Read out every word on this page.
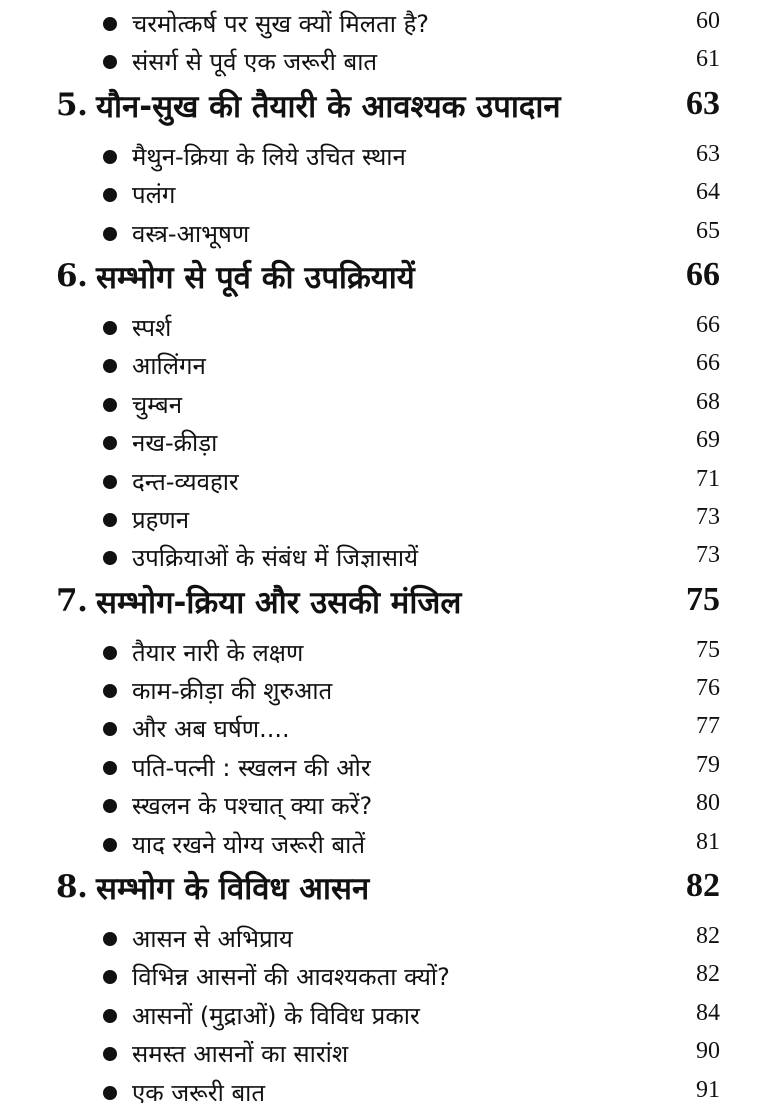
चरमोत्कर्ष पर सुख क्यों मिलता है?	60
संसर्ग से पूर्व एक जरूरी बात	61
5. यौन-सुख की तैयारी के आवश्यक उपादान	63
मैथुन-क्रिया के लिये उचित स्थान	63
पलंग	64
वस्त्र-आभूषण	65
6. सम्भोग से पूर्व की उपक्रियायें	66
स्पर्श	66
आलिंगन	66
चुम्बन	68
नख-क्रीड़ा	69
दन्त-व्यवहार	71
प्रहणन	73
उपक्रियाओं के संबंध में जिज्ञासायें	73
7. सम्भोग-क्रिया और उसकी मंजिल	75
तैयार नारी के लक्षण	75
काम-क्रीड़ा की शुरुआत	76
और अब घर्षण....	77
पति-पत्नी : स्खलन की ओर	79
स्खलन के पश्चात् क्या करें?	80
याद रखने योग्य जरूरी बातें	81
8. सम्भोग के विविध आसन	82
आसन से अभिप्राय	82
विभिन्न आसनों की आवश्यकता क्यों?	82
आसनों (मुद्राओं) के विविध प्रकार	84
समस्त आसनों का सारांश	90
एक जरूरी बात	91
